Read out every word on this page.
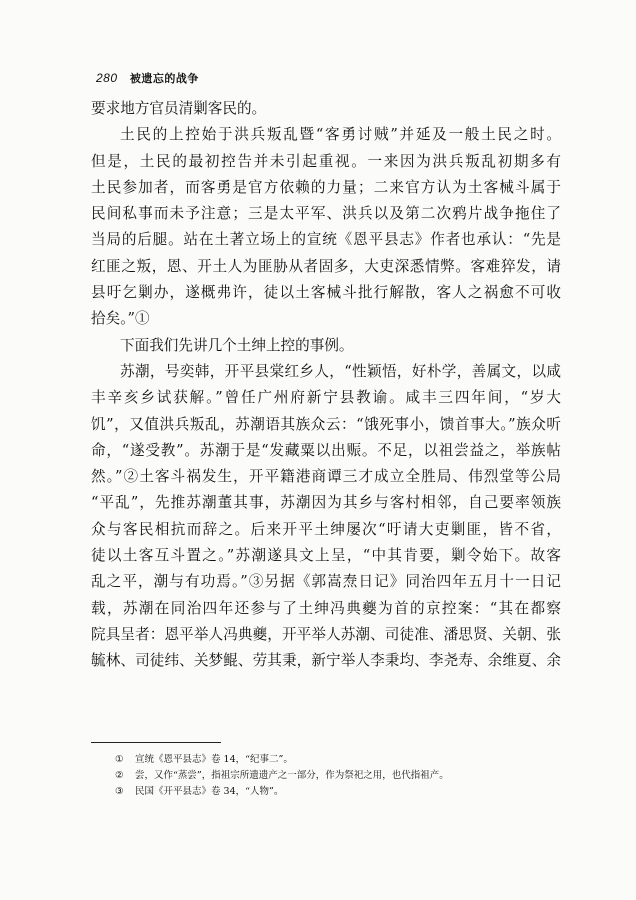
280 被遗忘的战争
要求地方官员清剿客民的。
土民的上控始于洪兵叛乱暨“客勇讨贼”并延及一般土民之时。
但是，土民的最初控告并未引起重视。一来因为洪兵叛乱初期多有
土民参加者，而客勇是官方依赖的力量；二来官方认为土客械斗属于
民间私事而未予注意；三是太平军、洪兵以及第二次鸦片战争拖住了
当局的后腿。站在土著立场上的宣统《恩平县志》作者也承认：“先是
红匪之叛，恩、开土人为匪胁从者固多，大吏深悉情弊。客难猝发，请
县吁乞剿办，遂概弗许，徒以土客械斗批行解散，客人之祸愈不可收
拾矣。”①
下面我们先讲几个土绅上控的事例。
苏潮，号奕韩，开平县棠红乡人，“性颖悟，好朴学，善属文，以咸
丰辛亥乡试获解。”曾任广州府新宁县教谕。咸丰三四年间，“岁大
饥”，又值洪兵叛乱，苏潮语其族众云：“饿死事小，馈首事大。”族众听
命，“遂受教”。苏潮于是“发藏粟以出赈。不足，以祖尝益之，举族帖
然。”②土客斗祸发生，开平籍港商谭三才成立全胜局、伟烈堂等公局
“平乱”，先推苏潮董其事，苏潮因为其乡与客村相邻，自己要率领族
众与客民相抗而辞之。后来开平土绅屡次“吁请大吏剿匪，皆不省，
徒以土客互斗置之。”苏潮遂具文上呈，“中其肯要，剿令始下。故客
乱之平，潮与有功焉。”③另据《郭嵩焘日记》同治四年五月十一日记
载，苏潮在同治四年还参与了土绅冯典夔为首的京控案：“其在都察
院具呈者：恩平举人冯典夔，开平举人苏潮、司徒准、潘思贤、关朝、张
毓林、司徒纬、关梦鲲、劳其秉，新宁举人李秉均、李尧寿、余维夏、余
① 宣统《恩平县志》卷 14，“纪事二”。
② 尝，又作“蒸尝”，指祖宗所遗遗产之一部分，作为祭祀之用，也代指祖产。
③ 民国《开平县志》卷 34，“人物”。
